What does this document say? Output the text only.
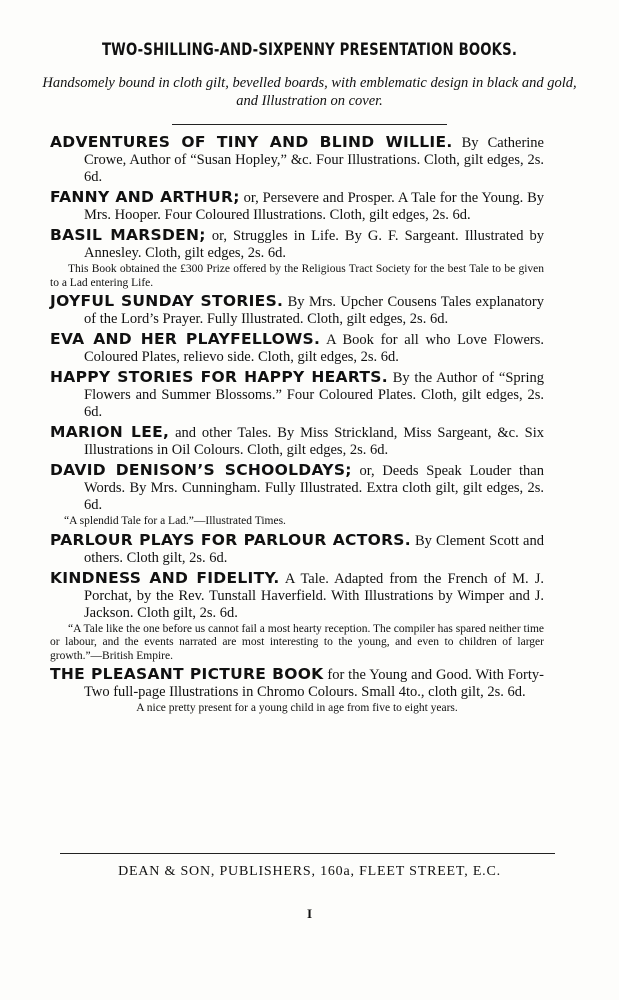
TWO-SHILLING-AND-SIXPENNY PRESENTATION BOOKS.
Handsomely bound in cloth gilt, bevelled boards, with emblematic design in black and gold, and Illustration on cover.
ADVENTURES OF TINY AND BLIND WILLIE. By Catherine Crowe, Author of “Susan Hopley,” &c. Four Illustrations. Cloth, gilt edges, 2s. 6d.
FANNY AND ARTHUR; or, Persevere and Prosper. A Tale for the Young. By Mrs. Hooper. Four Coloured Illustrations. Cloth, gilt edges, 2s. 6d.
BASIL MARSDEN; or, Struggles in Life. By G. F. Sargeant. Illustrated by Annesley. Cloth, gilt edges, 2s. 6d.
This Book obtained the £300 Prize offered by the Religious Tract Society for the best Tale to be given to a Lad entering Life.
JOYFUL SUNDAY STORIES. By Mrs. Upcher Cousens Tales explanatory of the Lord’s Prayer. Fully Illustrated. Cloth, gilt edges, 2s. 6d.
EVA AND HER PLAYFELLOWS. A Book for all who Love Flowers. Coloured Plates, relievo side. Cloth, gilt edges, 2s. 6d.
HAPPY STORIES FOR HAPPY HEARTS. By the Author of “Spring Flowers and Summer Blossoms.” Four Coloured Plates. Cloth, gilt edges, 2s. 6d.
MARION LEE, and other Tales. By Miss Strickland, Miss Sargeant, &c. Six Illustrations in Oil Colours. Cloth, gilt edges, 2s. 6d.
DAVID DENISON’S SCHOOLDAYS; or, Deeds Speak Louder than Words. By Mrs. Cunningham. Fully Illustrated. Extra cloth gilt, gilt edges, 2s. 6d.
“A splendid Tale for a Lad.”—Illustrated Times.
PARLOUR PLAYS FOR PARLOUR ACTORS. By Clement Scott and others. Cloth gilt, 2s. 6d.
KINDNESS AND FIDELITY. A Tale. Adapted from the French of M. J. Porchat, by the Rev. Tunstall Haverfield. With Illustrations by Wimper and J. Jackson. Cloth gilt, 2s. 6d.
“A Tale like the one before us cannot fail a most hearty reception. The compiler has spared neither time or labour, and the events narrated are most interesting to the young, and even to children of larger growth.”—British Empire.
THE PLEASANT PICTURE BOOK for the Young and Good. With Forty-Two full-page Illustrations in Chromo Colours. Small 4to., cloth gilt, 2s. 6d.
A nice pretty present for a young child in age from five to eight years.
DEAN & SON, PUBLISHERS, 160a, FLEET STREET, E.C.
I
